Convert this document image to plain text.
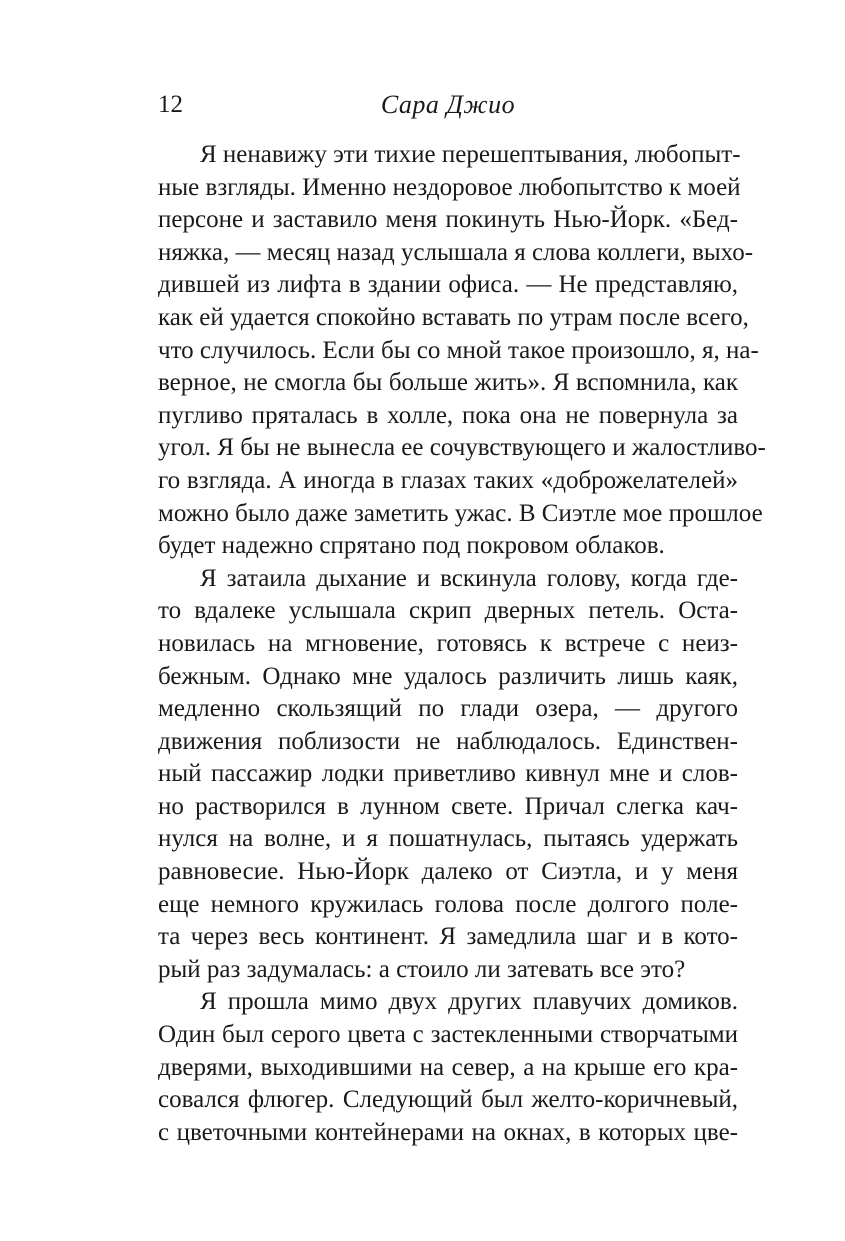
12	Сара Джио
Я ненавижу эти тихие перешептывания, любопыт-
ные взгляды. Именно нездоровое любопытство к моей
персоне и заставило меня покинуть Нью-Йорк. «Бед-
няжка, — месяц назад услышала я слова коллеги, выхо-
дившей из лифта в здании офиса. — Не представляю,
как ей удается спокойно вставать по утрам после всего,
что случилось. Если бы со мной такое произошло, я, на-
верное, не смогла бы больше жить». Я вспомнила, как
пугливо пряталась в холле, пока она не повернула за
угол. Я бы не вынесла ее сочувствующего и жалостливо-
го взгляда. А иногда в глазах таких «доброжелателей»
можно было даже заметить ужас. В Сиэтле мое прошлое
будет надежно спрятано под покровом облаков.
Я затаила дыхание и вскинула голову, когда где-
то вдалеке услышала скрип дверных петель. Оста-
новилась на мгновение, готовясь к встрече с неиз-
бежным. Однако мне удалось различить лишь каяк,
медленно скользящий по глади озера, — другого
движения поблизости не наблюдалось. Единствен-
ный пассажир лодки приветливо кивнул мне и слов-
но растворился в лунном свете. Причал слегка кач-
нулся на волне, и я пошатнулась, пытаясь удержать
равновесие. Нью-Йорк далеко от Сиэтла, и у меня
еще немного кружилась голова после долгого поле-
та через весь континент. Я замедлила шаг и в кото-
рый раз задумалась: а стоило ли затевать все это?
Я прошла мимо двух других плавучих домиков.
Один был серого цвета с застекленными створчатыми
дверями, выходившими на север, а на крыше его кра-
совался флюгер. Следующий был желто-коричневый,
с цветочными контейнерами на окнах, в которых цве-
